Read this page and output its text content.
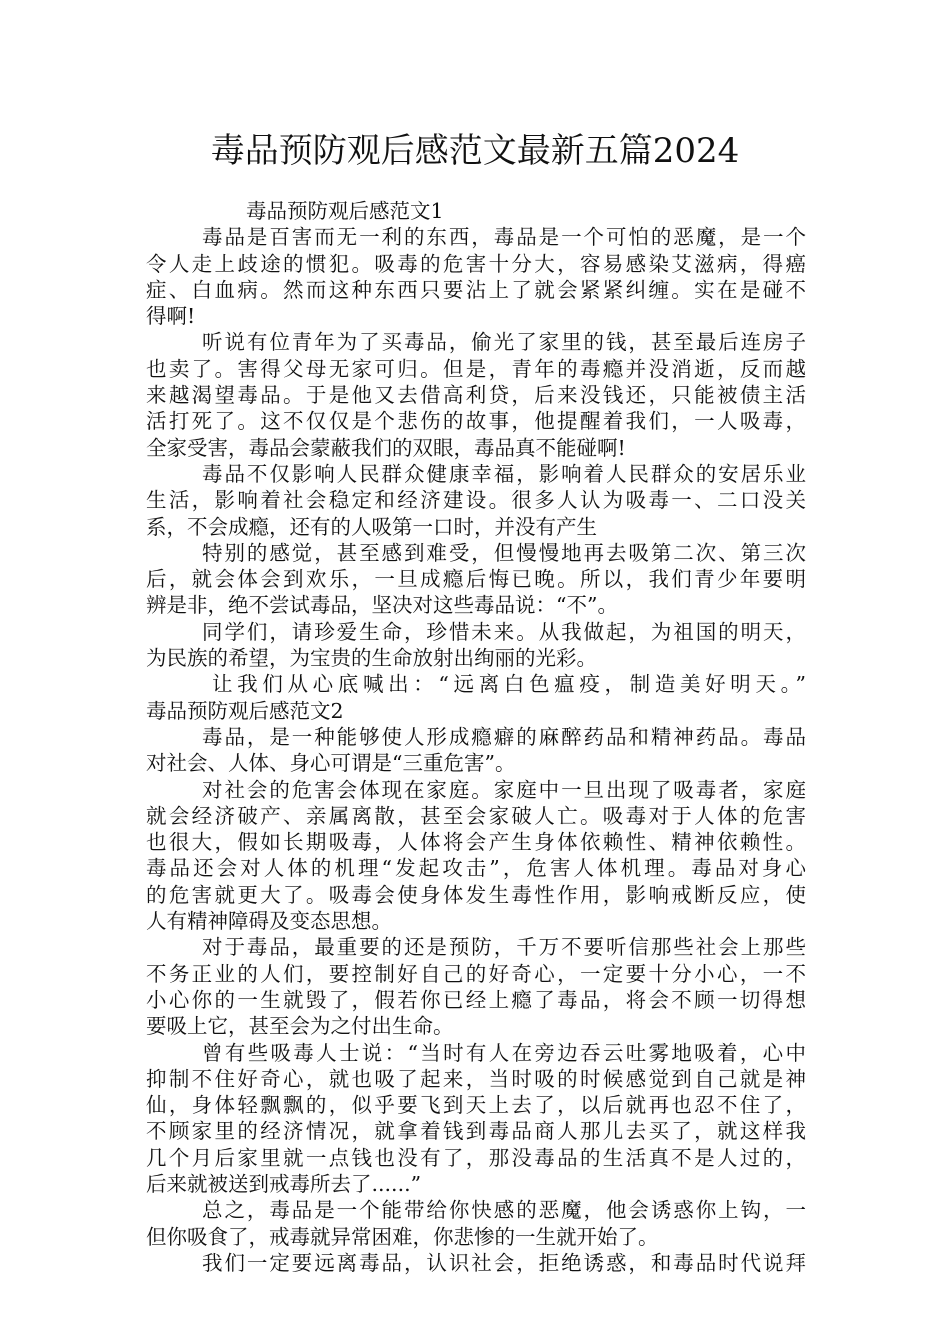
毒品预防观后感范文最新五篇2024
毒品预防观后感范文1
毒品是百害而无一利的东西，毒品是一个可怕的恶魔，是一个
令人走上歧途的惯犯。吸毒的危害十分大，容易感染艾滋病，得癌
症、白血病。然而这种东西只要沾上了就会紧紧纠缠。实在是碰不
得啊!
听说有位青年为了买毒品，偷光了家里的钱，甚至最后连房子
也卖了。害得父母无家可归。但是，青年的毒瘾并没消逝，反而越
来越渴望毒品。于是他又去借高利贷，后来没钱还，只能被债主活
活打死了。这不仅仅是个悲伤的故事，他提醒着我们，一人吸毒，
全家受害，毒品会蒙蔽我们的双眼，毒品真不能碰啊!
毒品不仅影响人民群众健康幸福，影响着人民群众的安居乐业
生活，影响着社会稳定和经济建设。很多人认为吸毒一、二口没关
系，不会成瘾，还有的人吸第一口时，并没有产生
特别的感觉，甚至感到难受，但慢慢地再去吸第二次、第三次
后，就会体会到欢乐，一旦成瘾后悔已晚。所以，我们青少年要明
辨是非，绝不尝试毒品，坚决对这些毒品说：“不”。
同学们，请珍爱生命，珍惜未来。从我做起，为祖国的明天，
为民族的希望，为宝贵的生命放射出绚丽的光彩。
让我们从心底喊出：“远离白色瘟疫，制造美好明天。”
毒品预防观后感范文2
毒品，是一种能够使人形成瘾癖的麻醉药品和精神药品。毒品
对社会、人体、身心可谓是“三重危害”。
对社会的危害会体现在家庭。家庭中一旦出现了吸毒者，家庭
就会经济破产、亲属离散，甚至会家破人亡。吸毒对于人体的危害
也很大，假如长期吸毒，人体将会产生身体依赖性、精神依赖性。
毒品还会对人体的机理“发起攻击”，危害人体机理。毒品对身心
的危害就更大了。吸毒会使身体发生毒性作用，影响戒断反应，使
人有精神障碍及变态思想。
对于毒品，最重要的还是预防，千万不要听信那些社会上那些
不务正业的人们，要控制好自己的好奇心，一定要十分小心，一不
小心你的一生就毁了，假若你已经上瘾了毒品，将会不顾一切得想
要吸上它，甚至会为之付出生命。
曾有些吸毒人士说：“当时有人在旁边吞云吐雾地吸着，心中
抑制不住好奇心，就也吸了起来，当时吸的时候感觉到自己就是神
仙，身体轻飘飘的，似乎要飞到天上去了，以后就再也忍不住了，
不顾家里的经济情况，就拿着钱到毒品商人那儿去买了，就这样我
几个月后家里就一点钱也没有了，那没毒品的生活真不是人过的，
后来就被送到戒毒所去了......”
总之，毒品是一个能带给你快感的恶魔，他会诱惑你上钩，一
但你吸食了，戒毒就异常困难，你悲惨的一生就开始了。
我们一定要远离毒品，认识社会，拒绝诱惑，和毒品时代说拜
